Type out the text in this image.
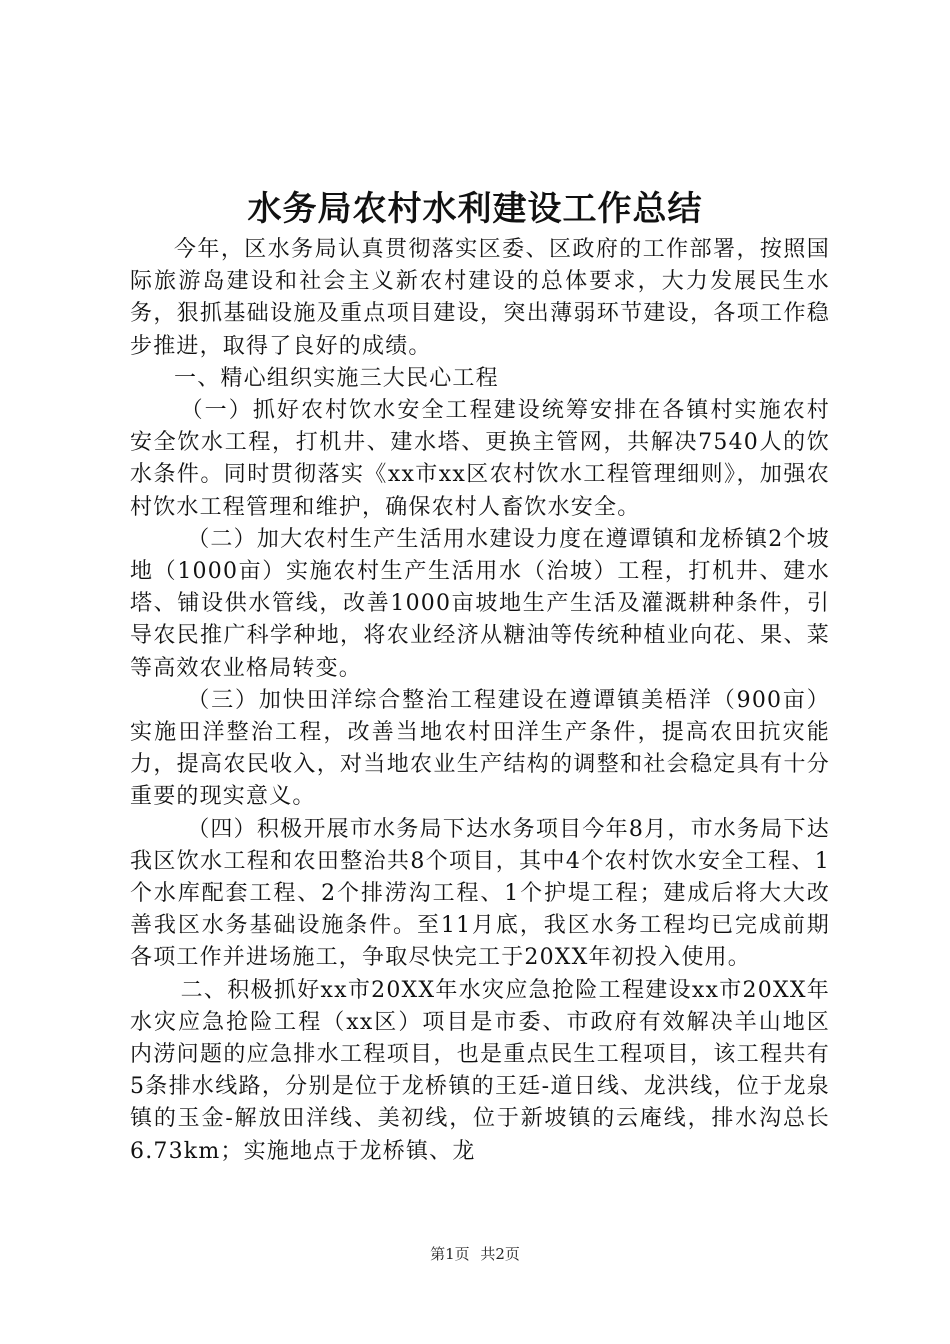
水务局农村水利建设工作总结

今年，区水务局认真贯彻落实区委、区政府的工作部署，按照国际旅游岛建设和社会主义新农村建设的总体要求，大力发展民生水务，狠抓基础设施及重点项目建设，突出薄弱环节建设，各项工作稳步推进，取得了良好的成绩。

一、精心组织实施三大民心工程

（一）抓好农村饮水安全工程建设统筹安排在各镇村实施农村安全饮水工程，打机井、建水塔、更换主管网，共解决7540人的饮水条件。同时贯彻落实《xx市xx区农村饮水工程管理细则》，加强农村饮水工程管理和维护，确保农村人畜饮水安全。

（二）加大农村生产生活用水建设力度在遵谭镇和龙桥镇2个坡地（1000亩）实施农村生产生活用水（治坡）工程，打机井、建水塔、铺设供水管线，改善1000亩坡地生产生活及灌溉耕种条件，引导农民推广科学种地，将农业经济从糖油等传统种植业向花、果、菜等高效农业格局转变。

（三）加快田洋综合整治工程建设在遵谭镇美梧洋（900亩）实施田洋整治工程，改善当地农村田洋生产条件，提高农田抗灾能力，提高农民收入，对当地农业生产结构的调整和社会稳定具有十分重要的现实意义。

（四）积极开展市水务局下达水务项目今年8月，市水务局下达我区饮水工程和农田整治共8个项目，其中4个农村饮水安全工程、1个水库配套工程、2个排涝沟工程、1个护堤工程；建成后将大大改善我区水务基础设施条件。至11月底，我区水务工程均已完成前期各项工作并进场施工，争取尽快完工于20XX年初投入使用。

二、积极抓好xx市20XX年水灾应急抢险工程建设xx市20XX年水灾应急抢险工程（xx区）项目是市委、市政府有效解决羊山地区内涝问题的应急排水工程项目，也是重点民生工程项目，该工程共有5条排水线路，分别是位于龙桥镇的王廷-道日线、龙洪线，位于龙泉镇的玉金-解放田洋线、美初线，位于新坡镇的云庵线，排水沟总长6.73km；实施地点于龙桥镇、龙

第1页 共2页
